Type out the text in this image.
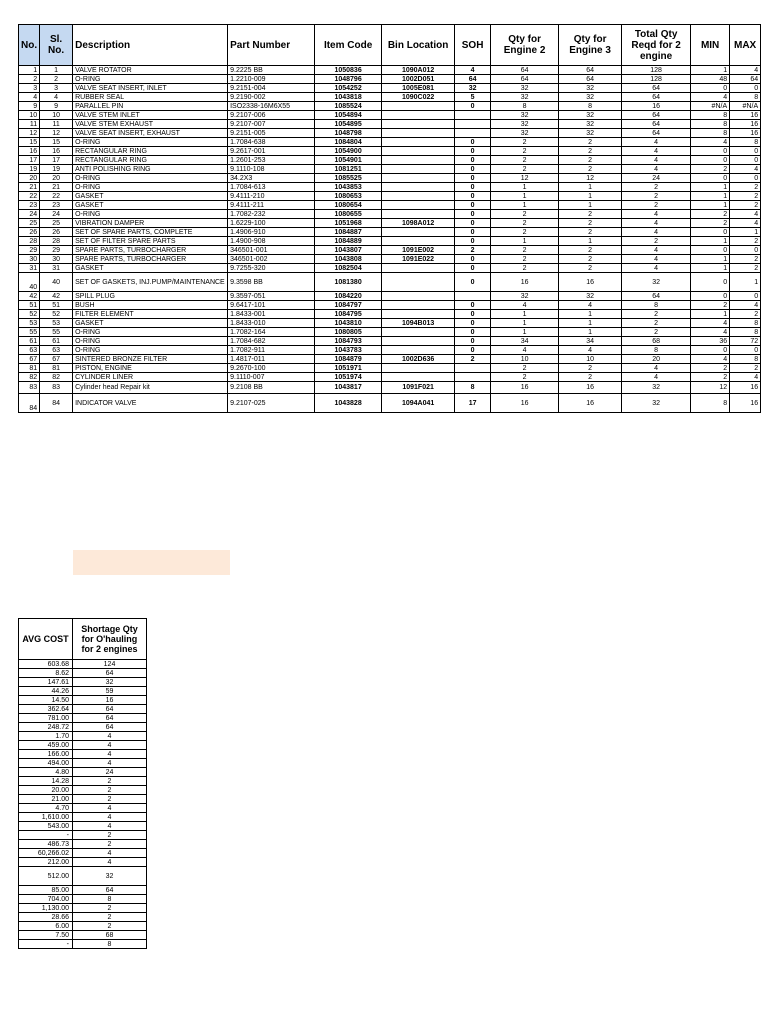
No.	Sl. No.	Description	Part Number	Item Code	Bin Location	SOH	Qty for Engine 2	Qty for Engine 3	Total Qty Reqd for 2 engine	MIN	MAX
1	1	VALVE ROTATOR	9.2225 BB	1050836	1090A012	4	64	64	128	1	4
2	2	O-RING	1.2210-009	1048796	1002D051	64	64	64	128	48	64
3	3	VALVE SEAT INSERT, INLET	9.2151-004	1054252	1005E081	32	32	32	64	0	0
4	4	RUBBER SEAL	9.2190-002	1043818	1090C022	5	32	32	64	4	8
9	9	PARALLEL PIN	ISO2338-16M6X55	1085524		0	8	8	16	#N/A	#N/A
10	10	VALVE STEM INLET	9.2107-006	1054894			32	32	64	8	16
11	11	VALVE STEM EXHAUST	9.2107-007	1054895			32	32	64	8	16
12	12	VALVE SEAT INSERT, EXHAUST	9.2151-005	1048798			32	32	64	8	16
15	15	O-RING	1.7084-638	1084804		0	2	2	4	4	8
16	16	RECTANGULAR RING	9.2617-001	1054900		0	2	2	4	0	0
17	17	RECTANGULAR RING	1.2601-253	1054901		0	2	2	4	0	0
19	19	ANTI POLISHING RING	9.1110-108	1081251		0	2	2	4	2	4
20	20	O-RING	34.2X3	1085525		0	12	12	24	0	0
21	21	O-RING	1.7084-613	1043853		0	1	1	2	1	2
22	22	GASKET	9.4111-210	1080653		0	1	1	2	1	2
23	23	GASKET	9.4111-211	1080654		0	1	1	2	1	2
24	24	O-RING	1.7082-232	1080655		0	2	2	4	2	4
25	25	VIBRATION DAMPER	1.6229-100	1051968	1098A012	0	2	2	4	2	4
26	26	SET OF SPARE PARTS, COMPLETE	1.4906-910	1084887		0	2	2	4	0	1
28	28	SET OF FILTER SPARE PARTS	1.4900-908	1084889		0	1	1	2	1	2
29	29	SPARE PARTS, TURBOCHARGER	346501-001	1043807	1091E002	2	2	2	4	0	0
30	30	SPARE PARTS, TURBOCHARGER	346501-002	1043808	1091E022	0	2	2	4	1	2
31	31	GASKET	9.7255-320	1082504		0	2	2	4	1	2
40	40	SET OF GASKETS, INJ.PUMP/MAINTENANCE	9.3598 BB	1081380		0	16	16	32	0	1
42	42	SPILL PLUG	9.3597-051	1084220			32	32	64	0	0
51	51	BUSH	9.6417-101	1084797		0	4	4	8	2	4
52	52	FILTER ELEMENT	1.8433-001	1084795		0	1	1	2	1	2
53	53	GASKET	1.8433-010	1043810	1094B013	0	1	1	2	4	8
55	55	O-RING	1.7082-164	1080805		0	1	1	2	4	8
61	61	O-RING	1.7084-682	1084793		0	34	34	68	36	72
63	63	O-RING	1.7082-911	1043783		0	4	4	8	0	0
67	67	SINTERED BRONZE FILTER	1.4817-011	1084879	1002D636	2	10	10	20	4	8
81	81	PISTON, ENGINE	9.2670-100	1051971			2	2	4	2	2
82	82	CYLINDER LINER	9.1110-007	1051974			2	2	4	2	4
83	83	Cylinder head Repair kit	9.2108 BB	1043817	1091F021	8	16	16	32	12	16
84	84	INDICATOR VALVE	9.2107-025	1043828	1094A041	17	16	16	32	8	16
AVG COST	Shortage Qty for O'hauling for 2 engines
603.68	124
8.62	64
147.61	32
44.26	59
14.50	16
362.64	64
781.00	64
248.72	64
1.70	4
459.00	4
166.00	4
494.00	4
4.80	24
14.28	2
20.00	2
21.00	2
4.70	4
1,610.00	4
543.00	4
-	2
486.73	2
60,266.02	4
212.00	4
512.00	32
85.00	64
704.00	8
1,130.00	2
28.66	2
6.00	2
7.50	68
-	8
